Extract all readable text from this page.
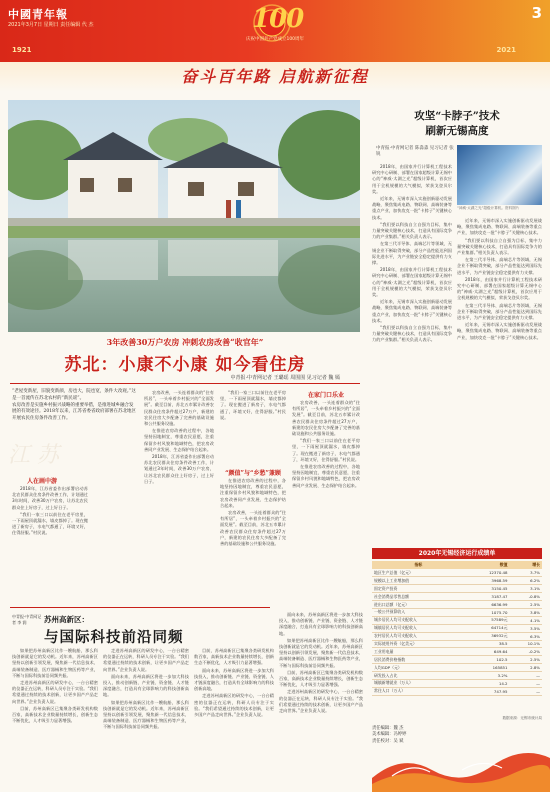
中國青年報
2021年3月7日 星期日 责任编辑 代 杰	100
庆祝中国共产党成立100周年
1921	2021
3
奋斗百年路 启航新征程
3年改善30万户农房 冲刺农房改善“收官年”
苏北：小康不小康 如今看住房
中青报·中青网记者 王璐瑶 周围围 见习记者 魏 嫣

“老屋变新屋，旧貌变新颜，房也大，院也宽，条件大改观。”这是一首流传在苏北农村的“新民谣”。

农房改善是实施乡村振兴战略的重要举措，是推进城乡融合发展的有效途径。2018年以来，江苏省委省政府部署在苏北地区开展农民住房条件改善工作。

江 苏
人在画中游

2018年，江苏省委作出部署启动苏北农民群众住房条件改善工作，计划通过3年时间，改善30万户农房，让苏北农民群众住上好房子，过上好日子。

“我们一家三口以前住在老平房里，一下雨屋顶就漏水，墙皮都掉了。现在搬进了新房子，水电气都通了，环境又好，住得舒服。”村民说。

农房改善，一头连着群众的“住有所居”，一头牵着乡村振兴的“全面发展”。截至目前，苏北五市累计改善农民群众住房条件超过27万户，新建的农民住房大多配备了完善的基础设施和公共服务设施。

在推进农房改善的过程中，各地坚持因地制宜，尊重农民意愿，注重保留乡村风貌和地域特色，把农房改善同产业发展、生态保护结合起来。

2018年，江苏省委作出部署启动苏北农民群众住房条件改善工作，计划通过3年时间，改善30万户农房，让苏北农民群众住上好房子，过上好日子。

“颜值”与“乡愁”兼顾

“我们一家三口以前住在老平房里，一下雨屋顶就漏水，墙皮都掉了。现在搬进了新房子，水电气都通了，环境又好，住得舒服。”村民说。

在推进农房改善的过程中，各地坚持因地制宜，尊重农民意愿，注重保留乡村风貌和地域特色，把农房改善同产业发展、生态保护结合起来。

农房改善，一头连着群众的“住有所居”，一头牵着乡村振兴的“全面发展”。截至目前，苏北五市累计改善农民群众住房条件超过27万户，新建的农民住房大多配备了完善的基础设施和公共服务设施。

在家门口乐业

农房改善，一头连着群众的“住有所居”，一头牵着乡村振兴的“全面发展”。截至目前，苏北五市累计改善农民群众住房条件超过27万户，新建的农民住房大多配备了完善的基础设施和公共服务设施。

“我们一家三口以前住在老平房里，一下雨屋顶就漏水，墙皮都掉了。现在搬进了新房子，水电气都通了，环境又好，住得舒服。”村民说。

在推进农房改善的过程中，各地坚持因地制宜，尊重农民意愿，注重保留乡村风貌和地域特色，把农房改善同产业发展、生态保护结合起来。

攻坚“卡脖子”技术
刷新无锡高度
中青报·中青网记者 陈淼淼 见习记者 张锐
“神威·太湖之光”超级计算机。资料图片

2018年，由国家并行计算机工程技术研究中心研制、部署在国家超级计算无锡中心的“神威·太湖之光”超级计算机，首次应用于全机规模的大气模拟，荣获戈登贝尔奖。

近年来，无锡市深入实施创新驱动发展战略，聚焦集成电路、物联网、高端装备等重点产业，加快攻克一批“卡脖子”关键核心技术。

“我们要以科技自立自强为目标，集中力量突破关键核心技术，打造具有国际竞争力的产业集群。”相关负责人表示。

在第三代半导体、高端芯片等领域，无锡企业不断取得突破，部分产品性能达到国际先进水平，为产业链安全稳定提供有力支撑。

2018年，由国家并行计算机工程技术研究中心研制、部署在国家超级计算无锡中心的“神威·太湖之光”超级计算机，首次应用于全机规模的大气模拟，荣获戈登贝尔奖。

近年来，无锡市深入实施创新驱动发展战略，聚焦集成电路、物联网、高端装备等重点产业，加快攻克一批“卡脖子”关键核心技术。

“我们要以科技自立自强为目标，集中力量突破关键核心技术，打造具有国际竞争力的产业集群。”相关负责人表示。

近年来，无锡市深入实施创新驱动发展战略，聚焦集成电路、物联网、高端装备等重点产业，加快攻克一批“卡脖子”关键核心技术。

“我们要以科技自立自强为目标，集中力量突破关键核心技术，打造具有国际竞争力的产业集群。”相关负责人表示。

在第三代半导体、高端芯片等领域，无锡企业不断取得突破，部分产品性能达到国际先进水平，为产业链安全稳定提供有力支撑。

2018年，由国家并行计算机工程技术研究中心研制、部署在国家超级计算无锡中心的“神威·太湖之光”超级计算机，首次应用于全机规模的大气模拟，荣获戈登贝尔奖。

在第三代半导体、高端芯片等领域，无锡企业不断取得突破，部分产品性能达到国际先进水平，为产业链安全稳定提供有力支撑。

近年来，无锡市深入实施创新驱动发展战略，聚焦集成电路、物联网、高端装备等重点产业，加快攻克一批“卡脖子”关键核心技术。

中青报·中青网记者 李 润	苏州高新区：
与国际科技前沿同频

如果把苏州高新区比作一艘航船，那么科技创新就是它的发动机。近年来，苏州高新区坚持以创新引领发展，聚焦新一代信息技术、高端装备制造、医疗器械和生物医药等产业，不断与国际科技前沿同频共振。

走进苏州高新区的研发中心，一台台精密的仪器正在运转，科研人员专注于实验。“我们希望通过持续的技术创新，让更多国产产品走向世界。”企业负责人说。

目前，苏州高新区已集聚各类研发机构数百家，高新技术企业数量持续增长，创新生态不断优化，人才吸引力显著增强。

走进苏州高新区的研发中心，一台台精密的仪器正在运转，科研人员专注于实验。“我们希望通过持续的技术创新，让更多国产产品走向世界。”企业负责人说。

面向未来，苏州高新区将进一步加大科技投入，推动创新链、产业链、资金链、人才链深度融合，打造具有全球影响力的科技创新高地。

如果把苏州高新区比作一艘航船，那么科技创新就是它的发动机。近年来，苏州高新区坚持以创新引领发展，聚焦新一代信息技术、高端装备制造、医疗器械和生物医药等产业，不断与国际科技前沿同频共振。

目前，苏州高新区已集聚各类研发机构数百家，高新技术企业数量持续增长，创新生态不断优化，人才吸引力显著增强。

面向未来，苏州高新区将进一步加大科技投入，推动创新链、产业链、资金链、人才链深度融合，打造具有全球影响力的科技创新高地。

走进苏州高新区的研发中心，一台台精密的仪器正在运转，科研人员专注于实验。“我们希望通过持续的技术创新，让更多国产产品走向世界。”企业负责人说。

面向未来，苏州高新区将进一步加大科技投入，推动创新链、产业链、资金链、人才链深度融合，打造具有全球影响力的科技创新高地。

如果把苏州高新区比作一艘航船，那么科技创新就是它的发动机。近年来，苏州高新区坚持以创新引领发展，聚焦新一代信息技术、高端装备制造、医疗器械和生物医药等产业，不断与国际科技前沿同频共振。

目前，苏州高新区已集聚各类研发机构数百家，高新技术企业数量持续增长，创新生态不断优化，人才吸引力显著增强。

走进苏州高新区的研发中心，一台台精密的仪器正在运转，科研人员专注于实验。“我们希望通过持续的技术创新，让更多国产产品走向世界。”企业负责人说。

2020年无锡经济运行成绩单
指标	数值	增长
地区生产总值（亿元）	12370.48	3.7%
规模以上工业增加值	3968.59	6.2%
固定资产投资	3150.45	3.1%
社会消费品零售总额	3187.47	-0.8%
进出口总额（亿元）	6636.99	2.5%
一般公共预算收入	1075.70	3.8%
城乡居民人均可支配收入	57589元	4.1%
城镇居民人均可支配收入	64714元	3.5%
农村居民人均可支配收入	36932元	6.3%
实际使用外资（亿美元）	38.5	10.1%
工业用电量	649.64	-0.2%
居民消费价格指数	102.5	2.5%
人均GDP（元）	165851	2.8%
研发投入占比	3.2%	—
城镇新增就业（万人）	14.2	—
常住人口（万人）	747.95	—
数据来源：无锡市统计局
责任编辑：魏 杰
美术编辑：冯婷婷
责任校对：吴 斌
